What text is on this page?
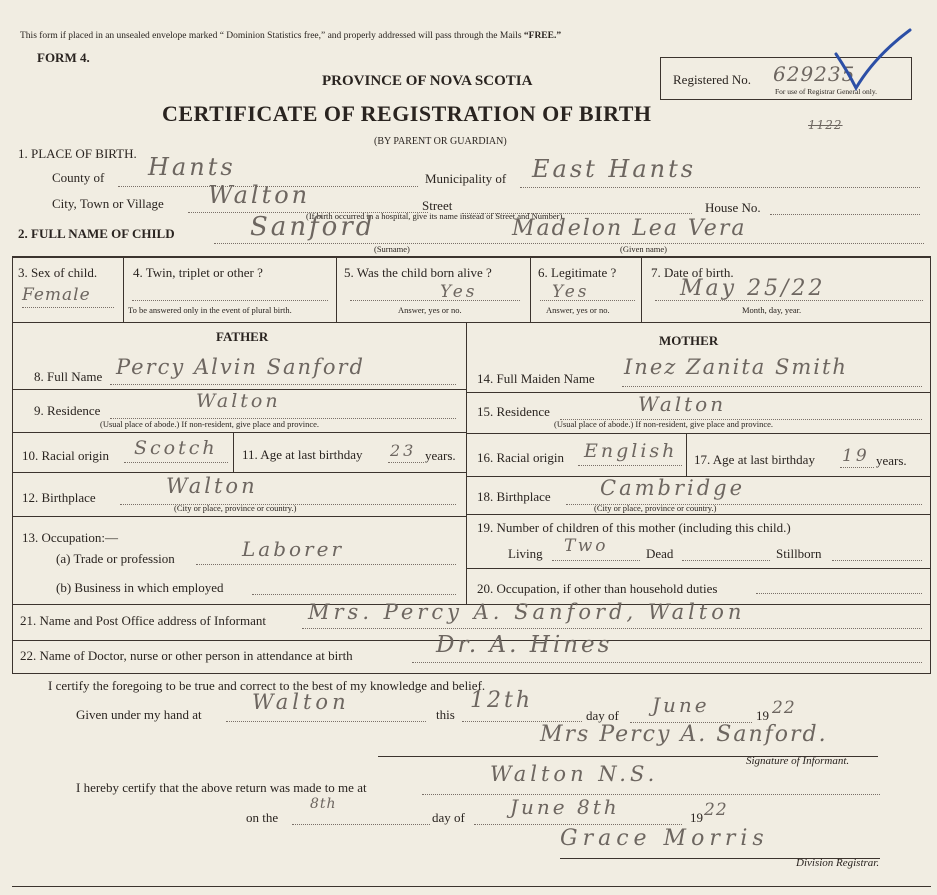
This form if placed in an unsealed envelope marked “ Dominion Statistics free,” and properly addressed will pass through the Mails “FREE.”
FORM 4.
PROVINCE OF NOVA SCOTIA
CERTIFICATE OF REGISTRATION OF BIRTH
(BY PARENT OR GUARDIAN)
Registered No. 629235
For use of Registrar General only.
1122
1. PLACE OF BIRTH.
County of Hants	Municipality of East Hants
City, Town or Village Walton	Street	House No.
(If birth occurred in a hospital, give its name instead of Street and Number)
2. FULL NAME OF CHILD	Sanford	Madelon Lea Vera
(Surname)	(Given name)
3. Sex of child.
Female
4. Twin, triplet or other ?
To be answered only in the event of plural birth.
5. Was the child born alive ?
Yes
Answer, yes or no.
6. Legitimate ?
Yes
Answer, yes or no.
7. Date of birth.
May 25/22
Month, day, year.
FATHER	MOTHER
8. Full Name Percy Alvin Sanford
9. Residence	Walton
(Usual place of abode.) If non-resident, give place and province.
10. Racial origin Scotch 11. Age at last birthday 23 years.
12. Birthplace	Walton
(City or place, province or country.)
13. Occupation:—
(a) Trade or profession	Laborer
(b) Business in which employed
14. Full Maiden Name Inez Zanita Smith
15. Residence	Walton
(Usual place of abode.) If non-resident, give place and province.
16. Racial origin English 17. Age at last birthday 19 years.
18. Birthplace Cambridge
(City or place, province or country.)
19. Number of children of this mother (including this child.)
Living Two	Dead	Stillborn
20. Occupation, if other than household duties
21. Name and Post Office address of Informant Mrs. Percy A. Sanford, Walton
22. Name of Doctor, nurse or other person in attendance at birth	Dr. A. Hines
I certify the foregoing to be true and correct to the best of my knowledge and belief.
Given under my hand at
Walton
this
12th
day of June	19 22
Mrs Percy A. Sanford.
Signature of Informant.
I hereby certify that the above return was made to me at
Walton N.S.
on the
8th
day of June 8th	19 22
Grace Morris
Division Registrar.
